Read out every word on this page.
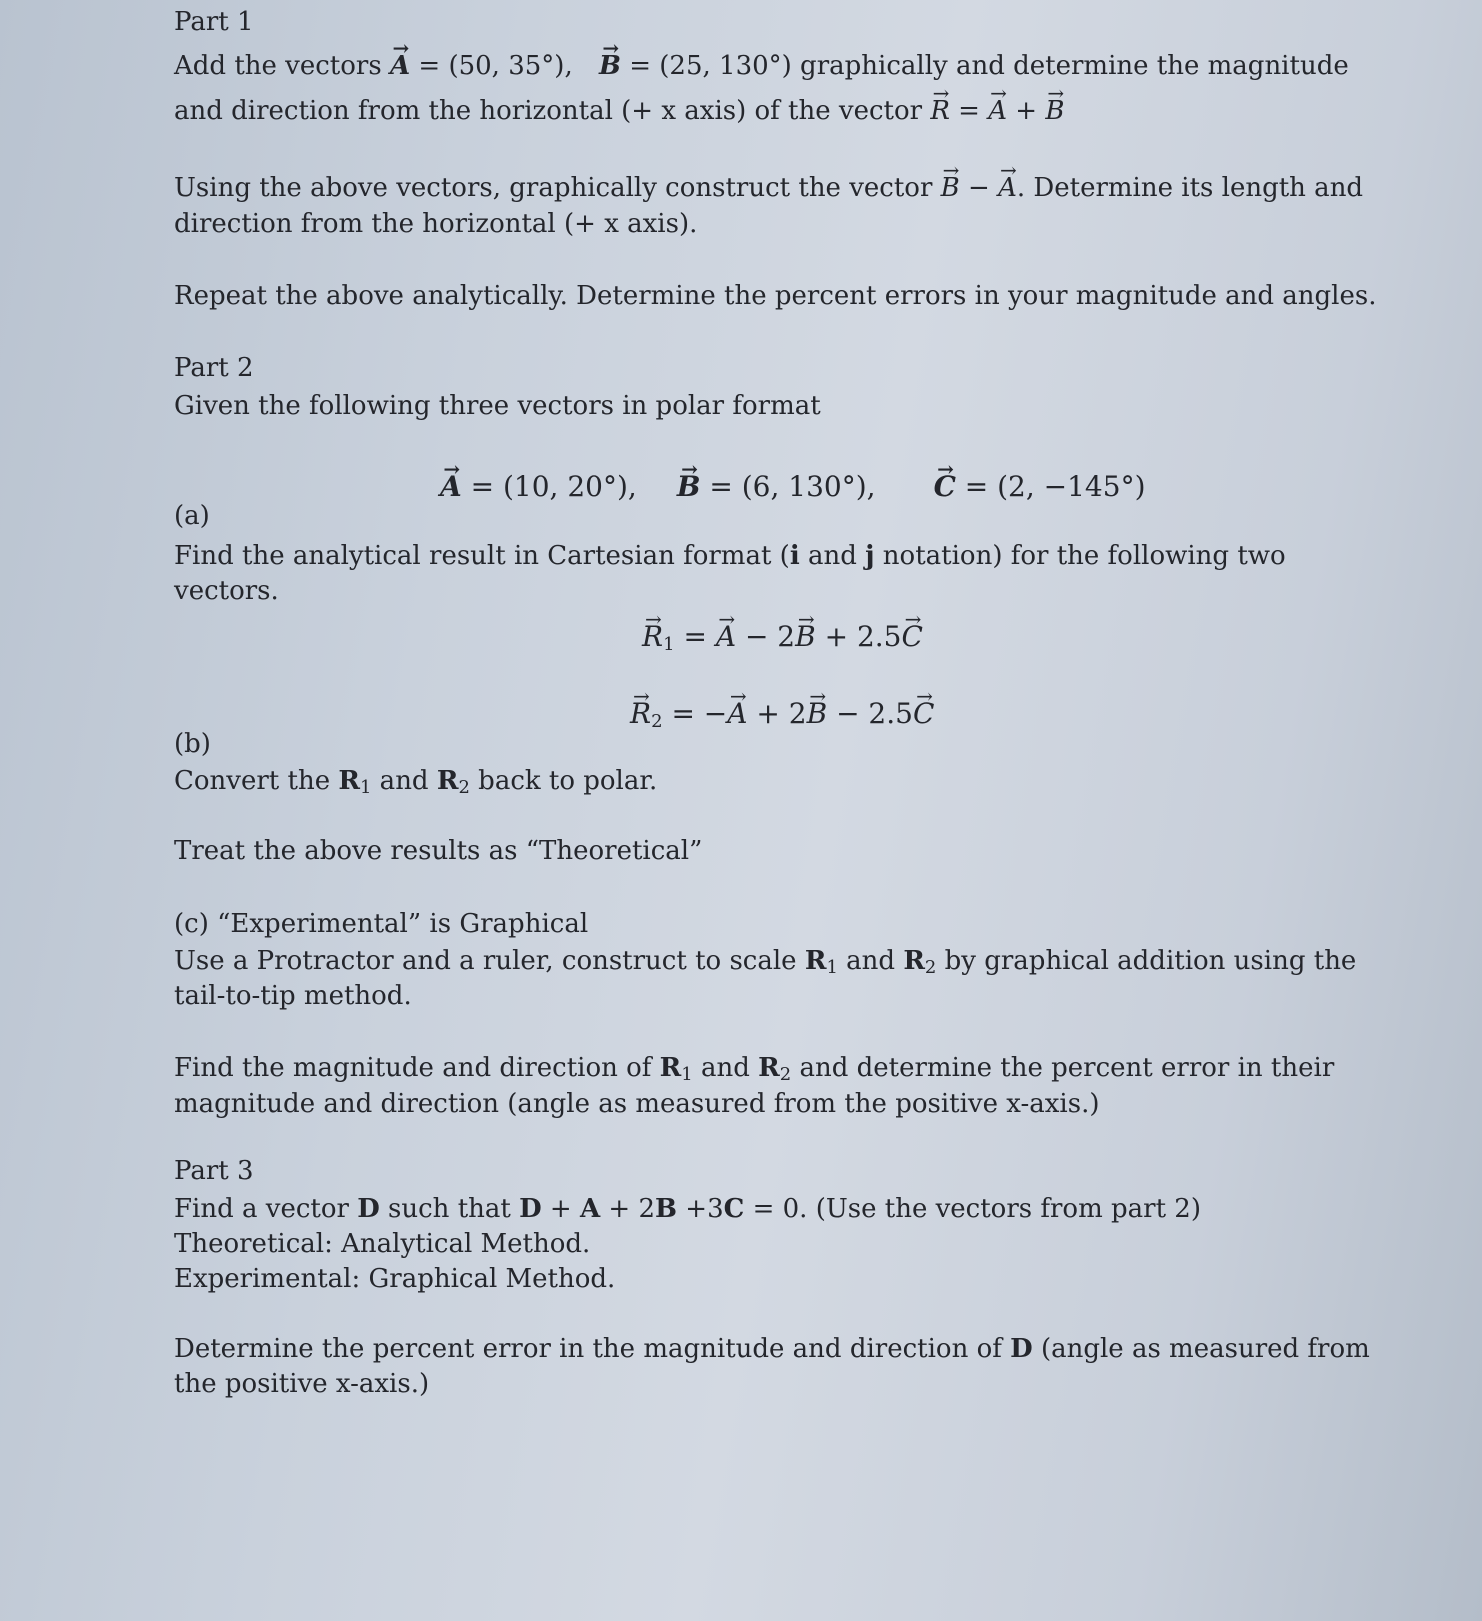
Part 1
Add the vectors → A = (50, 35°), → B = (25, 130°) graphically and determine the magnitude
and direction from the horizontal (+ x axis) of the vector → R = → A + → B
Using the above vectors, graphically construct the vector → B − → A. Determine its length and
direction from the horizontal (+ x axis).
Repeat the above analytically. Determine the percent errors in your magnitude and angles.
Part 2
Given the following three vectors in polar format
→ A = (10, 20°), → B = (6, 130°), → C = (2, −145°)
(a)
Find the analytical result in Cartesian format (i and j notation) for the following two
vectors.
→ $R_1$ = → A − 2→ B + 2.5→ C
→ $R_2$ = −→ A + 2→ B − 2.5→ C
(b)
Convert the $R_1$ and $R_2$ back to polar.
Treat the above results as “Theoretical”
(c) “Experimental” is Graphical
Use a Protractor and a ruler, construct to scale $R_1$ and $R_2$ by graphical addition using the
tail-to-tip method.
Find the magnitude and direction of $R_1$ and $R_2$ and determine the percent error in their
magnitude and direction (angle as measured from the positive x-axis.)
Part 3
Find a vector D such that D + A + 2B +3C = 0. (Use the vectors from part 2)
Theoretical: Analytical Method.
Experimental: Graphical Method.
Determine the percent error in the magnitude and direction of D (angle as measured from
the positive x-axis.)
